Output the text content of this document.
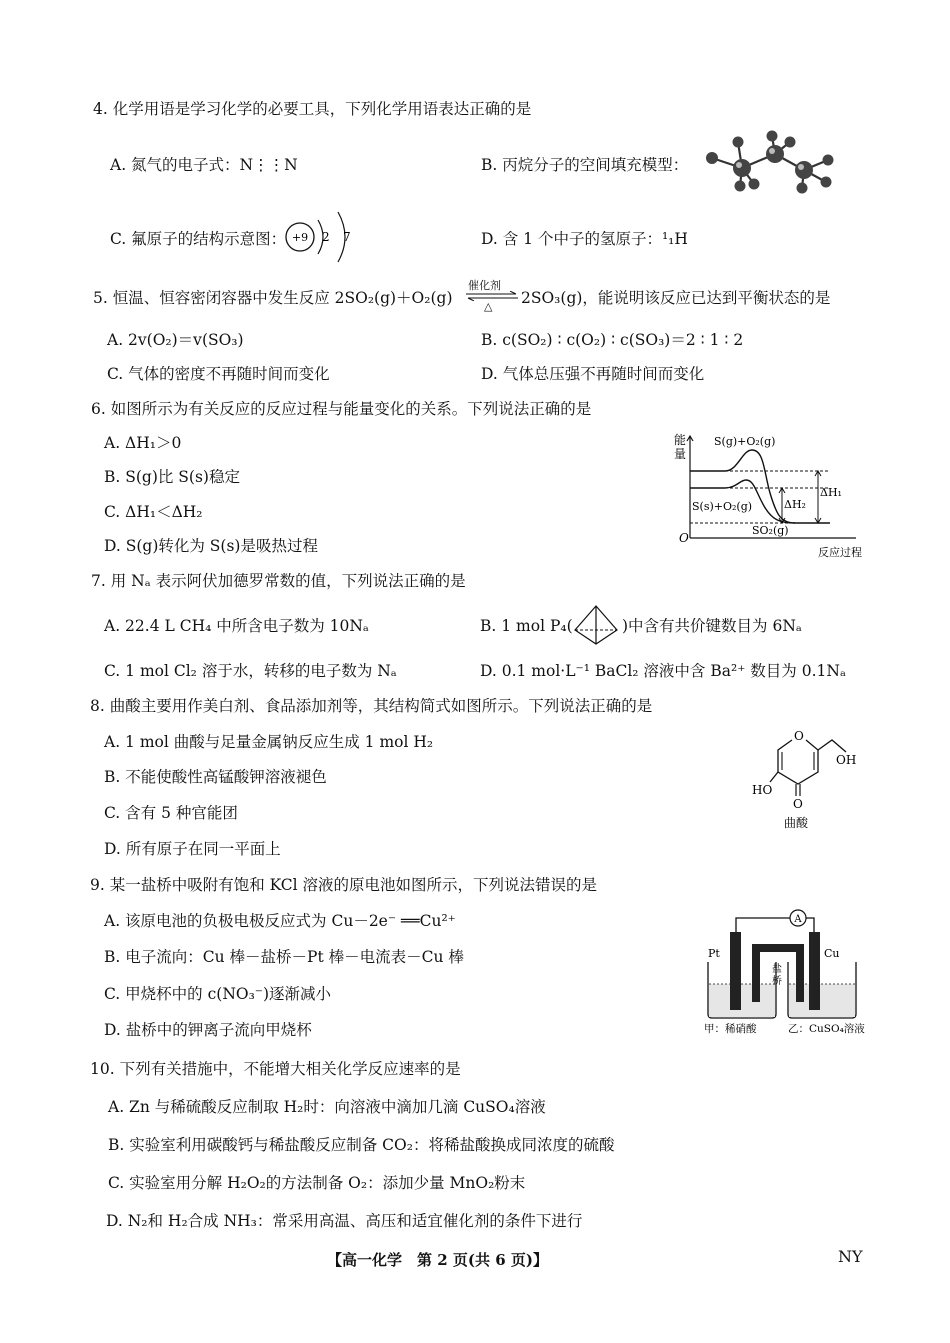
4. 化学用语是学习化学的必要工具，下列化学用语表达正确的是
A. 氮气的电子式：N⋮⋮N	B. 丙烷分子的空间填充模型：
C. 氟原子的结构示意图： +9 2 7	D. 含 1 个中子的氢原子：¹₁H
5. 恒温、恒容密闭容器中发生反应 2SO₂(g)＋O₂(g)
催化剂
△ 2SO₃(g)，能说明该反应已达到平衡状态的是
A. 2v(O₂)＝v(SO₃)	B. c(SO₂) ∶ c(O₂) ∶ c(SO₃)＝2 ∶ 1 ∶ 2
C. 气体的密度不再随时间而变化	D. 气体总压强不再随时间而变化
6. 如图所示为有关反应的反应过程与能量变化的关系。下列说法正确的是
A. ΔH₁＞0
B. S(g)比 S(s)稳定
C. ΔH₁＜ΔH₂
D. S(g)转化为 S(s)是吸热过程
能
量
O
反应过程
S(g)+O₂(g)
S(s)+O₂(g)
SO₂(g)
ΔH₁
ΔH₂
7. 用 Nₐ 表示阿伏加德罗常数的值，下列说法正确的是
A. 22.4 L CH₄ 中所含电子数为 10Nₐ	B. 1 mol P₄(	)中含有共价键数目为 6Nₐ
C. 1 mol Cl₂ 溶于水，转移的电子数为 Nₐ	D. 0.1 mol·L⁻¹ BaCl₂ 溶液中含 Ba²⁺ 数目为 0.1Nₐ
8. 曲酸主要用作美白剂、食品添加剂等，其结构简式如图所示。下列说法正确的是
A. 1 mol 曲酸与足量金属钠反应生成 1 mol H₂
B. 不能使酸性高锰酸钾溶液褪色
C. 含有 5 种官能团
D. 所有原子在同一平面上
O
OH
HO
O
曲酸
9. 某一盐桥中吸附有饱和 KCl 溶液的原电池如图所示，下列说法错误的是
A. 该原电池的负极电极反应式为 Cu－2e⁻ ══Cu²⁺
B. 电子流向：Cu 棒－盐桥－Pt 棒－电流表－Cu 棒
C. 甲烧杯中的 c(NO₃⁻)逐渐减小
D. 盐桥中的钾离子流向甲烧杯
A
Pt	Cu
盐
桥
甲：稀硝酸	乙：CuSO₄溶液
10. 下列有关措施中，不能增大相关化学反应速率的是
A. Zn 与稀硫酸反应制取 H₂时：向溶液中滴加几滴 CuSO₄溶液
B. 实验室利用碳酸钙与稀盐酸反应制备 CO₂：将稀盐酸换成同浓度的硫酸
C. 实验室用分解 H₂O₂的方法制备 O₂：添加少量 MnO₂粉末
D. N₂和 H₂合成 NH₃：常采用高温、高压和适宜催化剂的条件下进行
【高一化学　第 2 页(共 6 页)】	NY
